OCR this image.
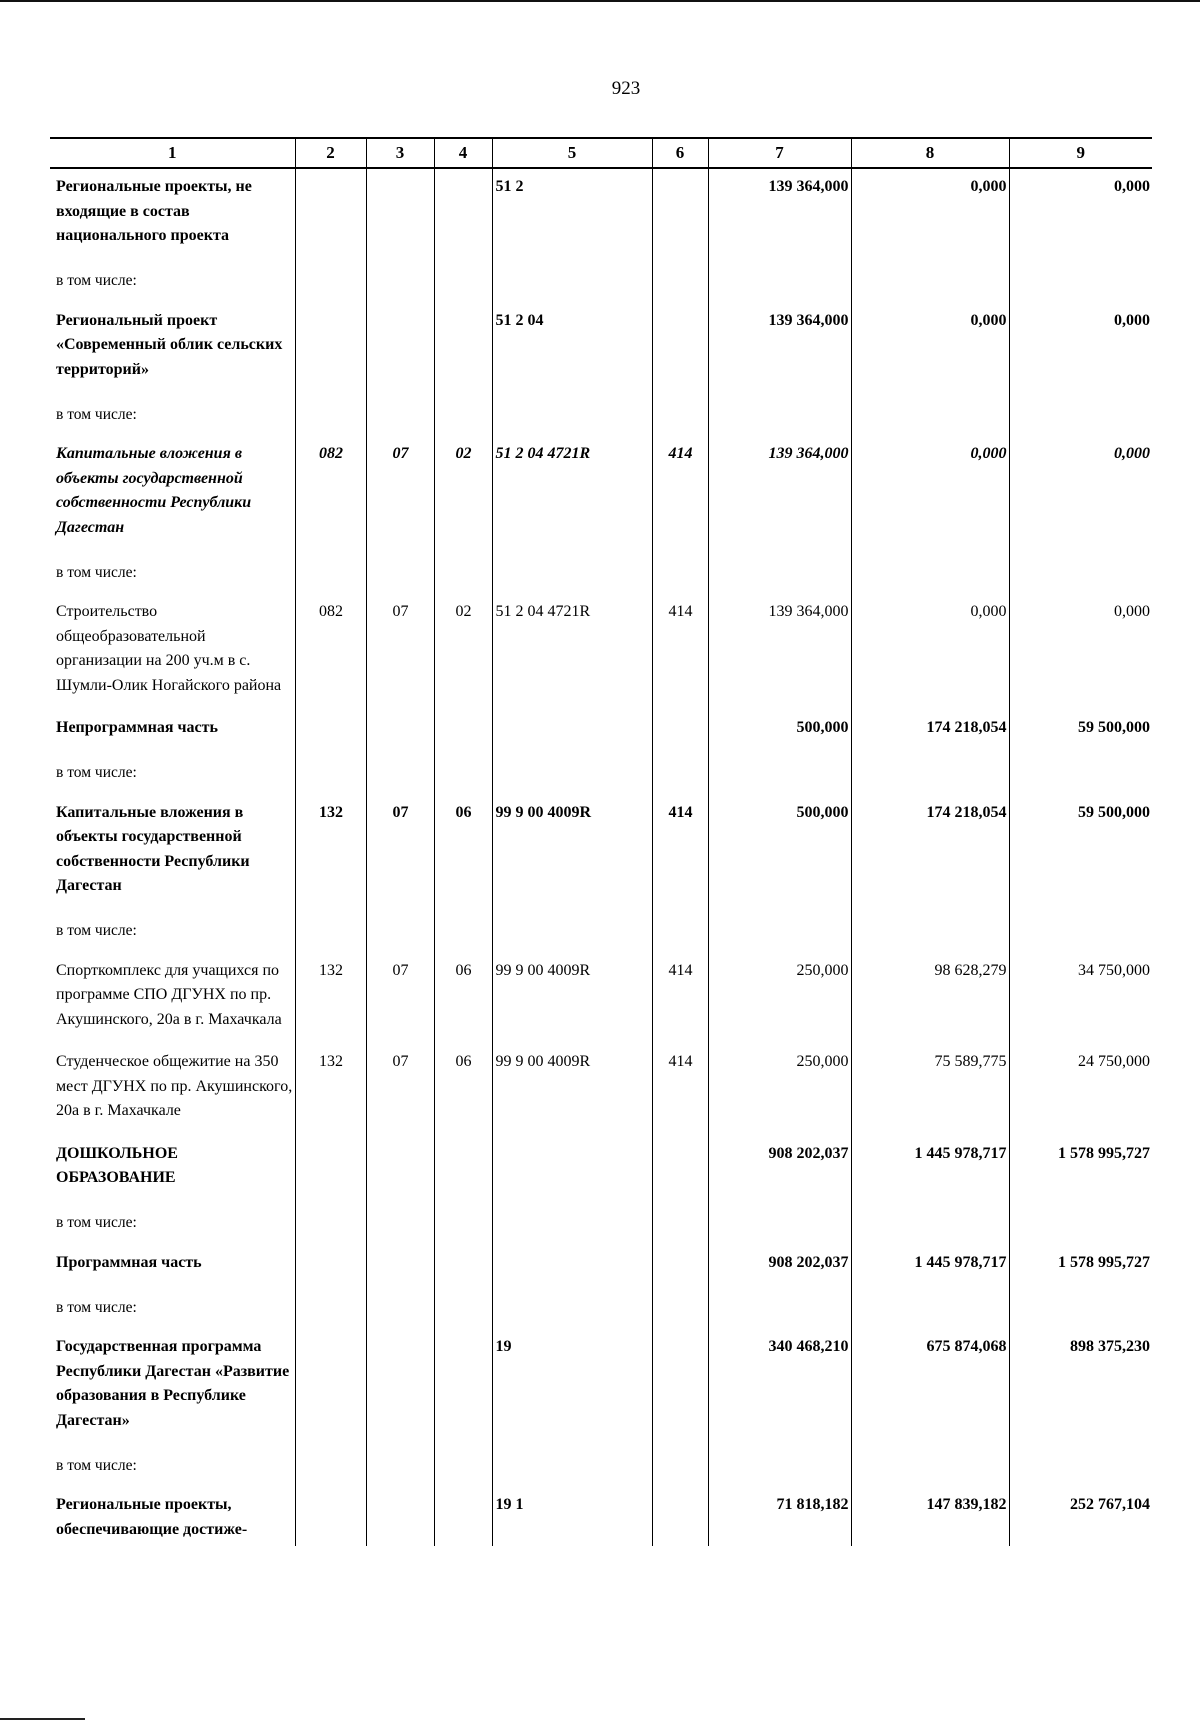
923
1	2	3	4	5	6	7	8	9
Региональные проекты, не входящие в состав национального проекта				51 2		139 364,000	0,000	0,000
в том числе:								
Региональный проект «Современный облик сельских территорий»				51 2 04		139 364,000	0,000	0,000
в том числе:								
Капитальные вложения в объекты государственной собственности Республики Дагестан	082	07	02	51 2 04 4721R	414	139 364,000	0,000	0,000
в том числе:								
Строительство общеобразовательной организации на 200 уч.м в с. Шумли-Олик Ногайского района	082	07	02	51 2 04 4721R	414	139 364,000	0,000	0,000
Непрограммная часть						500,000	174 218,054	59 500,000
в том числе:								
Капитальные вложения в объекты государственной собственности Республики Дагестан	132	07	06	99 9 00 4009R	414	500,000	174 218,054	59 500,000
в том числе:								
Спорткомплекс для учащихся по программе СПО ДГУНХ по пр. Акушинского, 20а в г. Махачкала	132	07	06	99 9 00 4009R	414	250,000	98 628,279	34 750,000
Студенческое общежитие на 350 мест ДГУНХ по пр. Акушинского, 20а в г. Махачкале	132	07	06	99 9 00 4009R	414	250,000	75 589,775	24 750,000
ДОШКОЛЬНОЕ ОБРАЗОВАНИЕ						908 202,037	1 445 978,717	1 578 995,727
в том числе:								
Программная часть						908 202,037	1 445 978,717	1 578 995,727
в том числе:								
Государственная программа Республики Дагестан «Развитие образования в Республике Дагестан»				19		340 468,210	675 874,068	898 375,230
в том числе:								
Региональные проекты, обеспечивающие достиже-				19 1		71 818,182	147 839,182	252 767,104
